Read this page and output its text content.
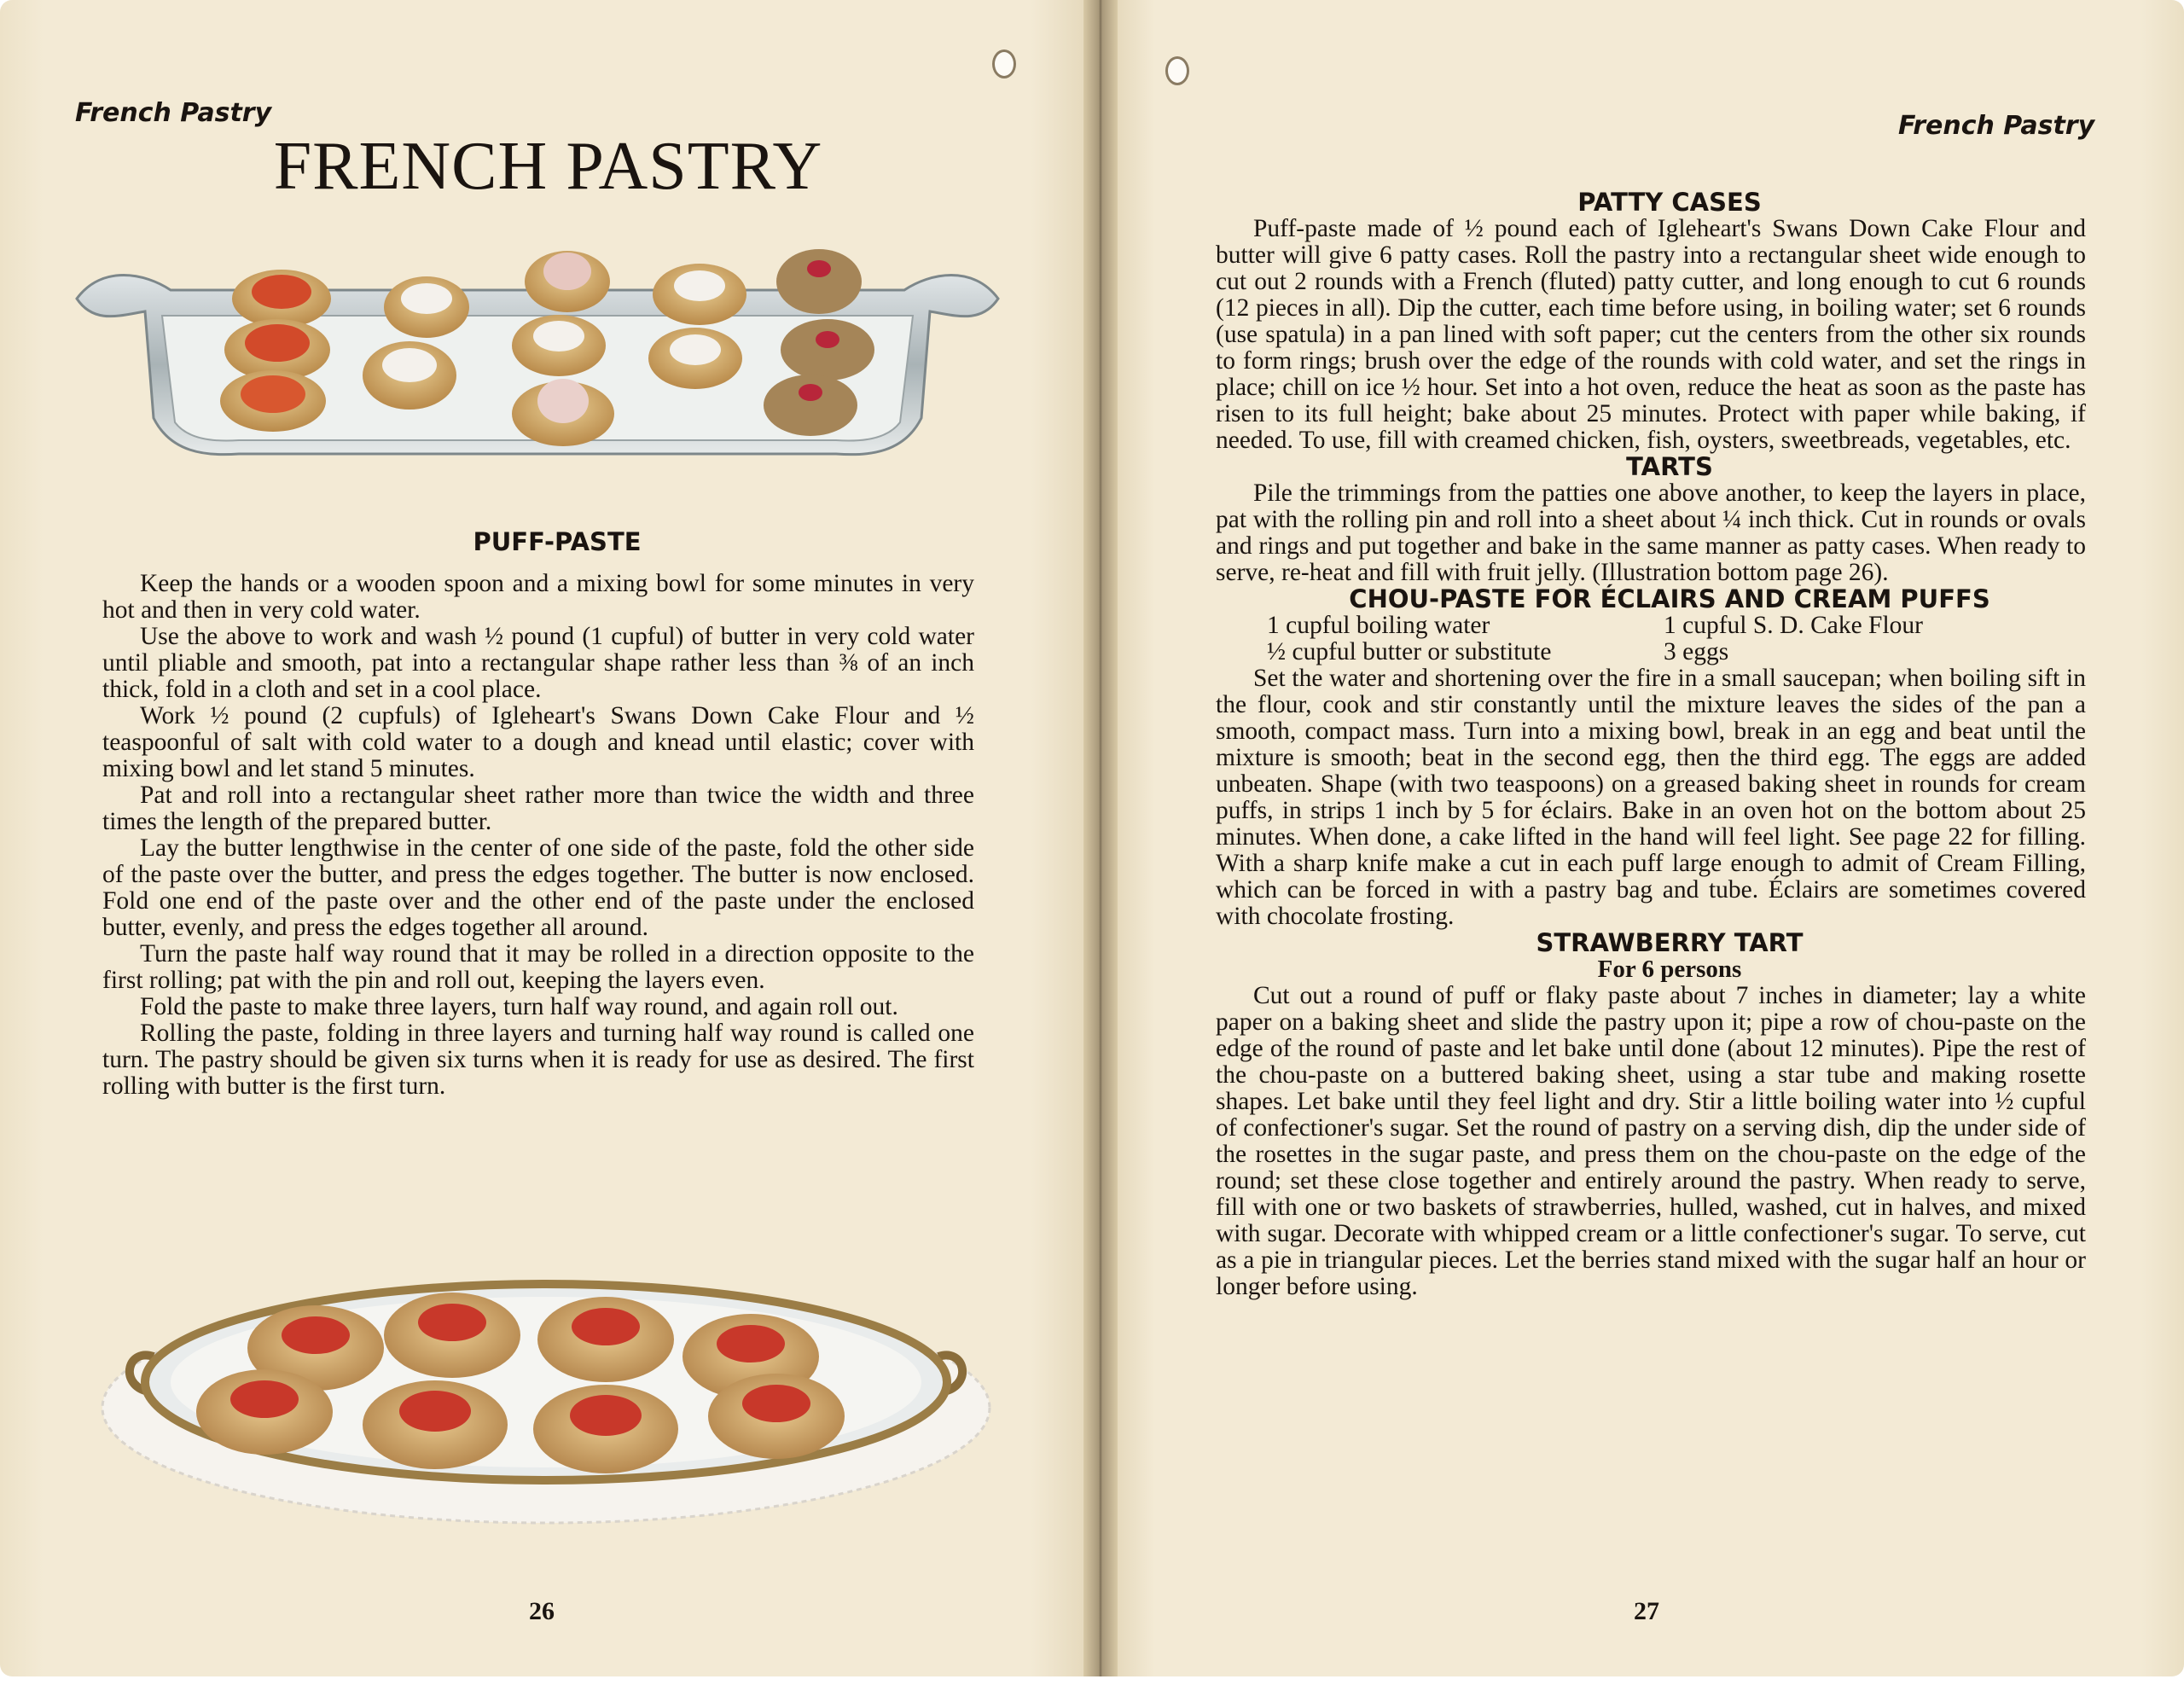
French Pastry
FRENCH PASTRY

PUFF-PASTE

Keep the hands or a wooden spoon and a mixing bowl for some minutes in very hot and then in very cold water.

Use the above to work and wash ½ pound (1 cupful) of butter in very cold water until pliable and smooth, pat into a rectangular shape rather less than ⅜ of an inch thick, fold in a cloth and set in a cool place.

Work ½ pound (2 cupfuls) of Igleheart's Swans Down Cake Flour and ½ teaspoonful of salt with cold water to a dough and knead until elastic; cover with mixing bowl and let stand 5 minutes.

Pat and roll into a rectangular sheet rather more than twice the width and three times the length of the prepared butter.

Lay the butter lengthwise in the center of one side of the paste, fold the other side of the paste over the butter, and press the edges together. The butter is now enclosed. Fold one end of the paste over and the other end of the paste under the enclosed butter, evenly, and press the edges together all around.

Turn the paste half way round that it may be rolled in a direction opposite to the first rolling; pat with the pin and roll out, keeping the layers even.

Fold the paste to make three layers, turn half way round, and again roll out.

Rolling the paste, folding in three layers and turning half way round is called one turn. The pastry should be given six turns when it is ready for use as desired. The first rolling with butter is the first turn.

26
French Pastry

PATTY CASES

Puff-paste made of ½ pound each of Igleheart's Swans Down Cake Flour and butter will give 6 patty cases. Roll the pastry into a rectangular sheet wide enough to cut out 2 rounds with a French (fluted) patty cutter, and long enough to cut 6 rounds (12 pieces in all). Dip the cutter, each time before using, in boiling water; set 6 rounds (use spatula) in a pan lined with soft paper; cut the centers from the other six rounds to form rings; brush over the edge of the rounds with cold water, and set the rings in place; chill on ice ½ hour. Set into a hot oven, reduce the heat as soon as the paste has risen to its full height; bake about 25 minutes. Protect with paper while baking, if needed. To use, fill with creamed chicken, fish, oysters, sweetbreads, vegetables, etc.

TARTS

Pile the trimmings from the patties one above another, to keep the layers in place, pat with the rolling pin and roll into a sheet about ¼ inch thick. Cut in rounds or ovals and rings and put together and bake in the same manner as patty cases. When ready to serve, re-heat and fill with fruit jelly. (Illustration bottom page 26).

CHOU-PASTE FOR ÉCLAIRS AND CREAM PUFFS

1 cupful boiling water	1 cupful S. D. Cake Flour
½ cupful butter or substitute	3 eggs

Set the water and shortening over the fire in a small saucepan; when boiling sift in the flour, cook and stir constantly until the mixture leaves the sides of the pan a smooth, compact mass. Turn into a mixing bowl, break in an egg and beat until the mixture is smooth; beat in the second egg, then the third egg. The eggs are added unbeaten. Shape (with two teaspoons) on a greased baking sheet in rounds for cream puffs, in strips 1 inch by 5 for éclairs. Bake in an oven hot on the bottom about 25 minutes. When done, a cake lifted in the hand will feel light. See page 22 for filling. With a sharp knife make a cut in each puff large enough to admit of Cream Filling, which can be forced in with a pastry bag and tube. Éclairs are sometimes covered with chocolate frosting.

STRAWBERRY TART

For 6 persons

Cut out a round of puff or flaky paste about 7 inches in diameter; lay a white paper on a baking sheet and slide the pastry upon it; pipe a row of chou-paste on the edge of the round of paste and let bake until done (about 12 minutes). Pipe the rest of the chou-paste on a buttered baking sheet, using a star tube and making rosette shapes. Let bake until they feel light and dry. Stir a little boiling water into ½ cupful of confectioner's sugar. Set the round of pastry on a serving dish, dip the under side of the rosettes in the sugar paste, and press them on the chou-paste on the edge of the round; set these close together and entirely around the pastry. When ready to serve, fill with one or two baskets of strawberries, hulled, washed, cut in halves, and mixed with sugar. Decorate with whipped cream or a little confectioner's sugar. To serve, cut as a pie in triangular pieces. Let the berries stand mixed with the sugar half an hour or longer before using.

27
